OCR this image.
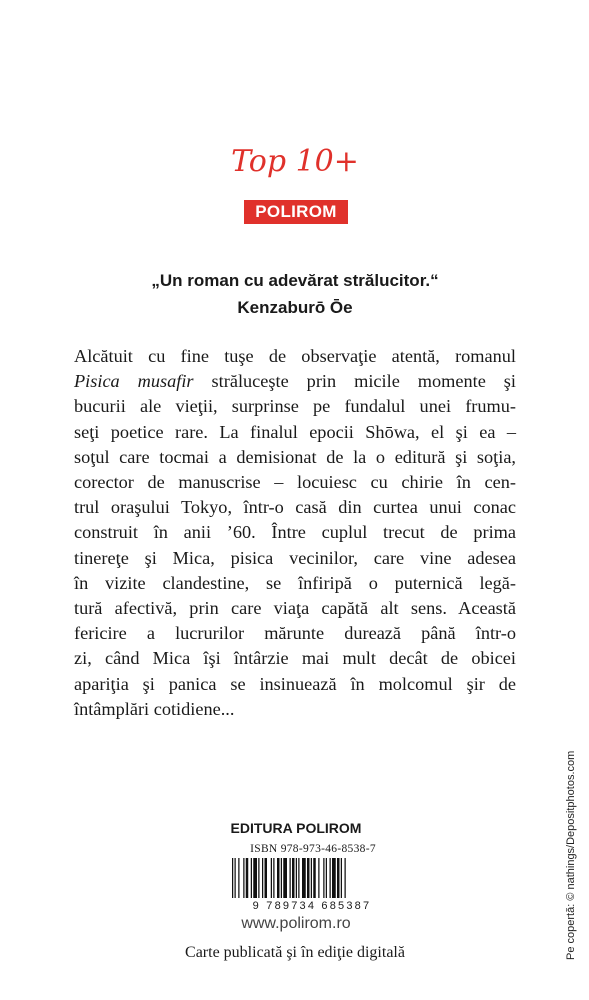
Top 10+
POLIROM
„Un roman cu adevărat strălucitor.“
Kenzaburō Ōe
Alcătuit cu fine tuşe de observaţie atentă, romanul
Pisica musafir străluceşte prin micile momente şi
bucurii ale vieţii, surprinse pe fundalul unei frumu-
seţi poetice rare. La finalul epocii Shōwa, el şi ea –
soţul care tocmai a demisionat de la o editură şi soţia,
corector de manuscrise – locuiesc cu chirie în cen-
trul oraşului Tokyo, într-o casă din curtea unui conac
construit în anii ’60. Între cuplul trecut de prima
tinereţe şi Mica, pisica vecinilor, care vine adesea
în vizite clandestine, se înfiripă o puternică legă-
tură afectivă, prin care viaţa capătă alt sens. Această
fericire a lucrurilor mărunte durează până într-o
zi, când Mica îşi întârzie mai mult decât de obicei
apariţia şi panica se insinuează în molcomul şir de
întâmplări cotidiene...
Pe copertă: © nathings/Depositphotos.com
EDITURA POLIROM
ISBN 978-973-46-8538-7
9 789734 685387
www.polirom.ro
Carte publicată şi în ediţie digitală
